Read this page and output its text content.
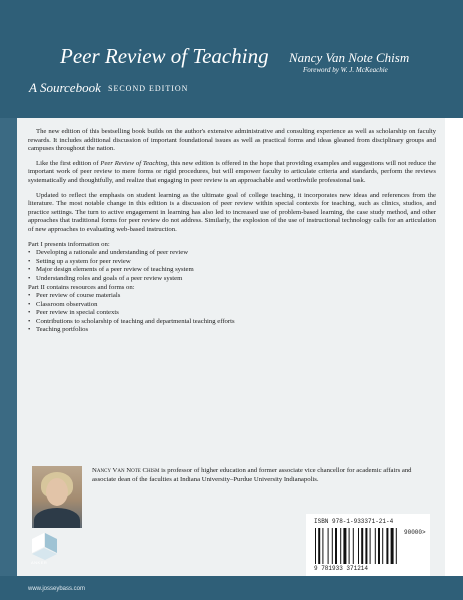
Peer Review of Teaching Nancy Van Note Chism
Foreword by W. J. McKeachie
A Sourcebook SECOND EDITION

The new edition of this bestselling book builds on the author's extensive administrative and consulting experience as well as scholarship on faculty rewards. It includes additional discussion of important foundational issues as well as practical forms and ideas gleaned from disciplinary groups and campuses throughout the nation.

Like the first edition of Peer Review of Teaching, this new edition is offered in the hope that providing examples and suggestions will not reduce the important work of peer review to mere forms or rigid procedures, but will empower faculty to articulate criteria and standards, perform the reviews systematically and thoughtfully, and realize that engaging in peer review is an approachable and worthwhile professional task.

Updated to reflect the emphasis on student learning as the ultimate goal of college teaching, it incorporates new ideas and references from the literature. The most notable change in this edition is a discussion of peer review within special contexts for teaching, such as clinics, studios, and practice settings. The turn to active engagement in learning has also led to increased use of problem-based learning, the case study method, and other approaches that traditional forms for peer review do not address. Similarly, the explosion of the use of instructional technology calls for an articulation of new approaches to evaluating web-based instruction.

Part I presents information on:

• Developing a rationale and understanding of peer review
• Setting up a system for peer review
• Major design elements of a peer review of teaching system
• Understanding roles and goals of a peer review system

Part II contains resources and forms on:

• Peer review of course materials
• Classroom observation
• Peer review in special contexts
• Contributions to scholarship of teaching and departmental teaching efforts
• Teaching portfolios
Nancy Van Note Chism is professor of higher education and former associate vice chancellor for academic affairs and associate dean of the faculties at Indiana University–Purdue University Indianapolis.
ANKER
www.josseybass.com
ISBN 978-1-933371-21-4
90000>
9 781933 371214
